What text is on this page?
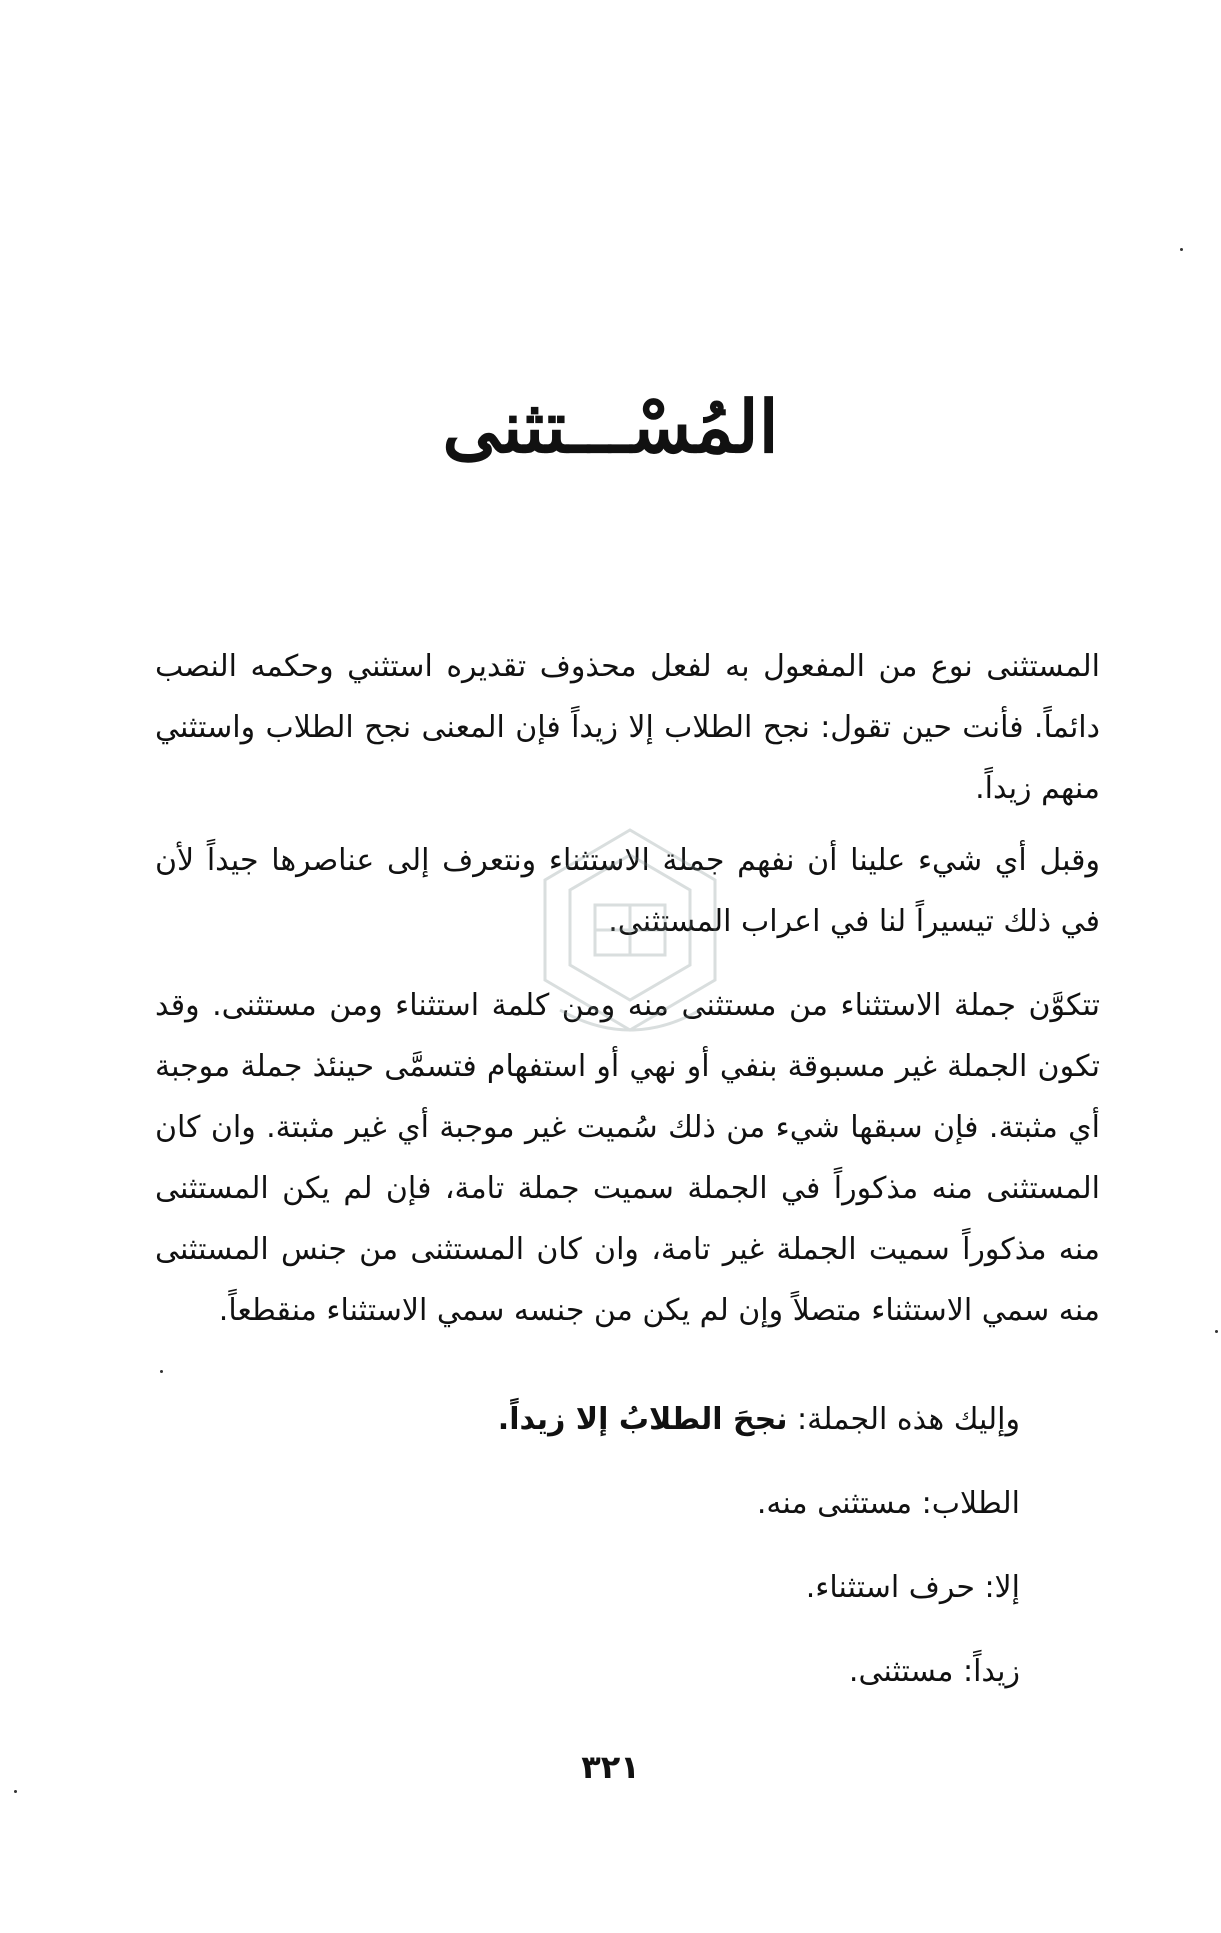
المُسْـــتثنى

المستثنى نوع من المفعول به لفعل محذوف تقديره استثني وحكمه النصب دائماً. فأنت حين تقول: نجح الطلاب إلا زيداً فإن المعنى نجح الطلاب واستثني منهم زيداً.

وقبل أي شيء علينا أن نفهم جملة الاستثناء ونتعرف إلى عناصرها جيداً لأن في ذلك تيسيراً لنا في اعراب المستثنى.

تتكوَّن جملة الاستثناء من مستثنى منه ومن كلمة استثناء ومن مستثنى. وقد تكون الجملة غير مسبوقة بنفي أو نهي أو استفهام فتسمَّى حينئذ جملة موجبة أي مثبتة. فإن سبقها شيء من ذلك سُميت غير موجبة أي غير مثبتة. وان كان المستثنى منه مذكوراً في الجملة سميت جملة تامة، فإن لم يكن المستثنى منه مذكوراً سميت الجملة غير تامة، وان كان المستثنى من جنس المستثنى منه سمي الاستثناء متصلاً وإن لم يكن من جنسه سمي الاستثناء منقطعاً.

وإليك هذه الجملة: نجحَ الطلابُ إلا زيداً.
الطلاب: مستثنى منه.
إلا: حرف استثناء.
زيداً: مستثنى.
٣٢١
